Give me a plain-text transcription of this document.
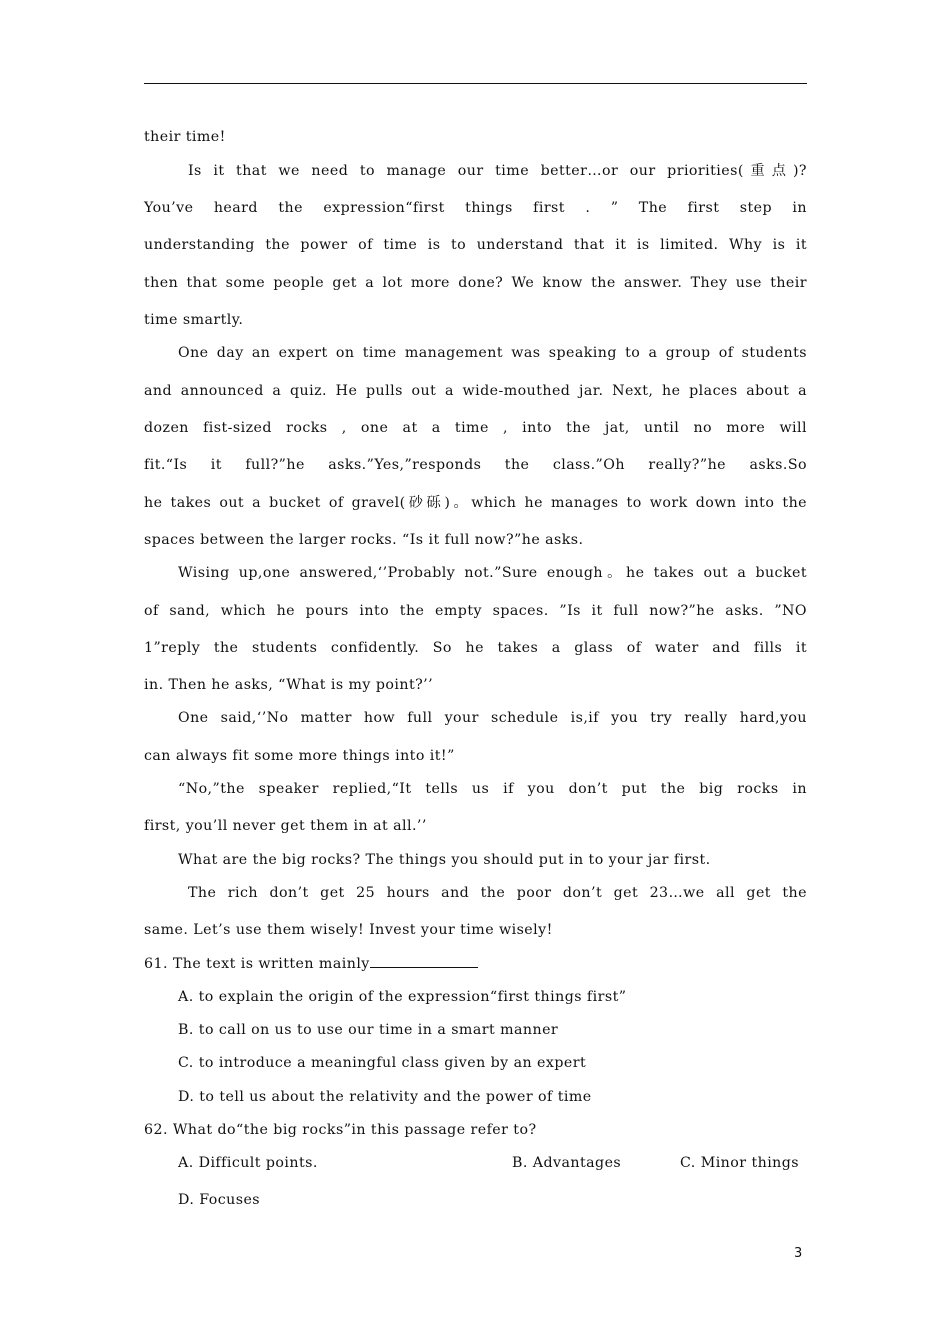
their time!
Is it that we need to manage our time better…or our priorities(重点)?
You’ve heard the expression“first things first . ” The first step in
understanding the power of time is to understand that it is limited. Why is it
then that some people get a lot more done? We know the answer. They use their
time smartly.
One day an expert on time management was speaking to a group of students
and announced a quiz. He pulls out a wide-mouthed jar. Next, he places about a
dozen fist-sized rocks , one at a time , into the jat, until no more will
fit.“Is it full?”he asks.”Yes,”responds the class.”Oh really?”he asks.So
he takes out a bucket of gravel(砂砾)。which he manages to work down into the
spaces between the larger rocks. “Is it full now?”he asks.
Wising up,one answered,‘’Probably not.”Sure enough。he takes out a bucket
of sand, which he pours into the empty spaces. ”Is it full now?”he asks. ”NO
1”reply the students confidently. So he takes a glass of water and fills it
in. Then he asks, “What is my point?’’
One said,‘’No matter how full your schedule is,if you try really hard,you
can always fit some more things into it!”
“No,”the speaker replied,“It tells us if you don’t put the big rocks in
first, you’ll never get them in at all.’’
What are the big rocks? The things you should put in to your jar first.
The rich don’t get 25 hours and the poor don’t get 23…we all get the
same. Let’s use them wisely! Invest your time wisely!
61. The text is written mainly
A. to explain the origin of the expression“first things first”
B. to call on us to use our time in a smart manner
C. to introduce a meaningful class given by an expert
D. to tell us about the relativity and the power of time
62. What do“the big rocks”in this passage refer to?
A. Difficult points.	B. Advantages	C. Minor things
D. Focuses
3
